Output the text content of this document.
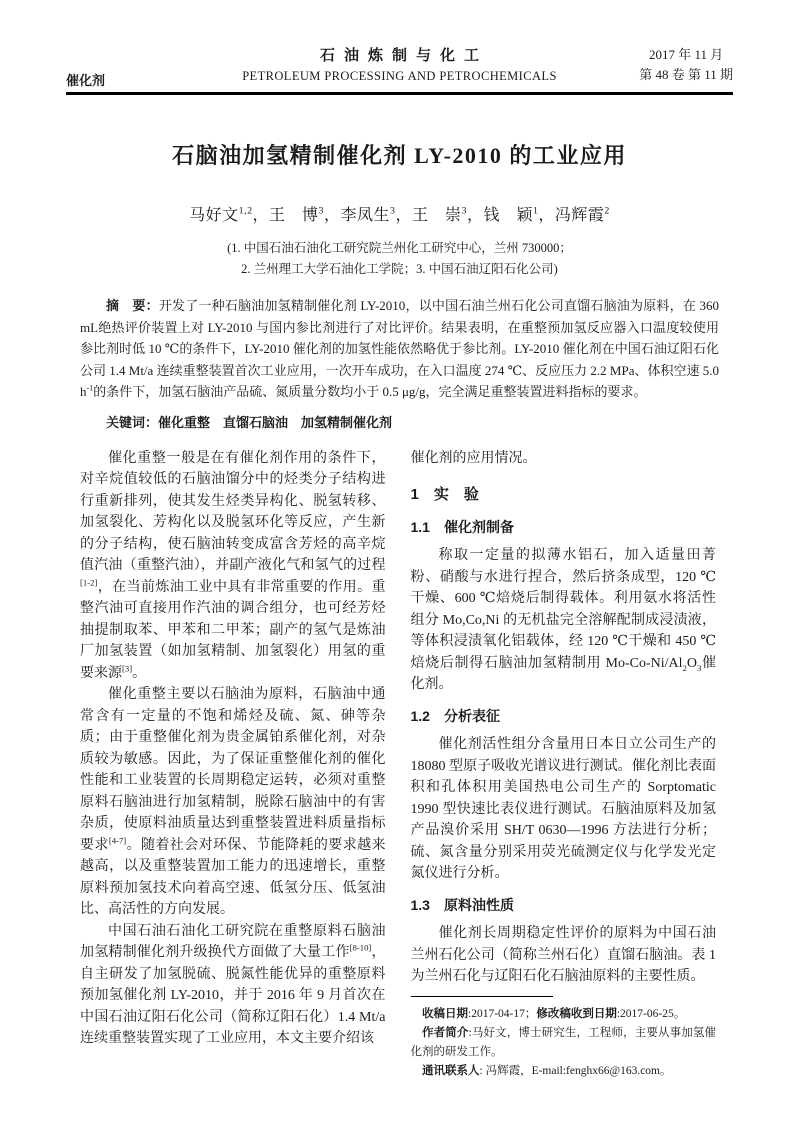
催化剂
石油炼制与化工
PETROLEUM PROCESSING AND PETROCHEMICALS
2017 年 11 月
第 48 卷 第 11 期
石脑油加氢精制催化剂 LY-2010 的工业应用
马好文$^{1,2}$，王　博$^3$，李凤生$^3$，王　崇$^3$，钱　颖$^1$，冯辉霞$^2$
(1. 中国石油石油化工研究院兰州化工研究中心，兰州 730000；
2. 兰州理工大学石油化工学院；3. 中国石油辽阳石化公司)
摘　要：开发了一种石脑油加氢精制催化剂 LY-2010，以中国石油兰州石化公司直馏石脑油为原料，在 360 mL绝热评价装置上对 LY-2010 与国内参比剂进行了对比评价。结果表明，在重整预加氢反应器入口温度较使用参比剂时低 10 ℃的条件下，LY-2010 催化剂的加氢性能依然略优于参比剂。LY-2010 催化剂在中国石油辽阳石化公司 1.4 Mt/a 连续重整装置首次工业应用，一次开车成功，在入口温度 274 ℃、反应压力 2.2 MPa、体积空速 5.0 $h^{-1}$的条件下，加氢石脑油产品硫、氮质量分数均小于 0.5 μg/g，完全满足重整装置进料指标的要求。
关键词：催化重整　直馏石脑油　加氢精制催化剂

催化重整一般是在有催化剂作用的条件下，对辛烷值较低的石脑油馏分中的烃类分子结构进行重新排列，使其发生烃类异构化、脱氢转移、加氢裂化、芳构化以及脱氢环化等反应，产生新的分子结构，使石脑油转变成富含芳烃的高辛烷值汽油（重整汽油），并副产液化气和氢气的过程[1-2]，在当前炼油工业中具有非常重要的作用。重整汽油可直接用作汽油的调合组分，也可经芳烃抽提制取苯、甲苯和二甲苯；副产的氢气是炼油厂加氢装置（如加氢精制、加氢裂化）用氢的重要来源[3]。

催化重整主要以石脑油为原料，石脑油中通常含有一定量的不饱和烯烃及硫、氮、砷等杂质；由于重整催化剂为贵金属铂系催化剂，对杂质较为敏感。因此，为了保证重整催化剂的催化性能和工业装置的长周期稳定运转，必须对重整原料石脑油进行加氢精制，脱除石脑油中的有害杂质，使原料油质量达到重整装置进料质量指标要求[4-7]。随着社会对环保、节能降耗的要求越来越高，以及重整装置加工能力的迅速增长，重整原料预加氢技术向着高空速、低氢分压、低氢油比、高活性的方向发展。

中国石油石油化工研究院在重整原料石脑油加氢精制催化剂升级换代方面做了大量工作[8-10]，自主研发了加氢脱硫、脱氮性能优异的重整原料预加氢催化剂 LY-2010，并于 2016 年 9 月首次在中国石油辽阳石化公司（简称辽阳石化）1.4 Mt/a 连续重整装置实现了工业应用，本文主要介绍该

催化剂的应用情况。

1　实　验
1.1　催化剂制备

称取一定量的拟薄水铝石，加入适量田菁粉、硝酸与水进行捏合，然后挤条成型，120 ℃干燥、600 ℃焙烧后制得载体。利用氨水将活性组分 Mo,Co,Ni 的无机盐完全溶解配制成浸渍液，等体积浸渍氧化铝载体，经 120 ℃干燥和 450 ℃焙烧后制得石脑油加氢精制用 $Mo-Co-Ni/Al_2O_3$催化剂。

1.2　分析表征

催化剂活性组分含量用日本日立公司生产的 18080 型原子吸收光谱议进行测试。催化剂比表面积和孔体积用美国热电公司生产的 Sorptomatic 1990 型快速比表仪进行测试。石脑油原料及加氢产品溴价采用 SH/T 0630—1996 方法进行分析；硫、氮含量分别采用荧光硫测定仪与化学发光定氮仪进行分析。

1.3　原料油性质

催化剂长周期稳定性评价的原料为中国石油兰州石化公司（简称兰州石化）直馏石脑油。表 1 为兰州石化与辽阳石化石脑油原料的主要性质。

收稿日期:2017-04-17；修改稿收到日期:2017-06-25。

作者简介:马好文，博士研究生，工程师，主要从事加氢催化剂的研发工作。

通讯联系人: 冯辉霞，E-mail:fenghx66@163.com。
